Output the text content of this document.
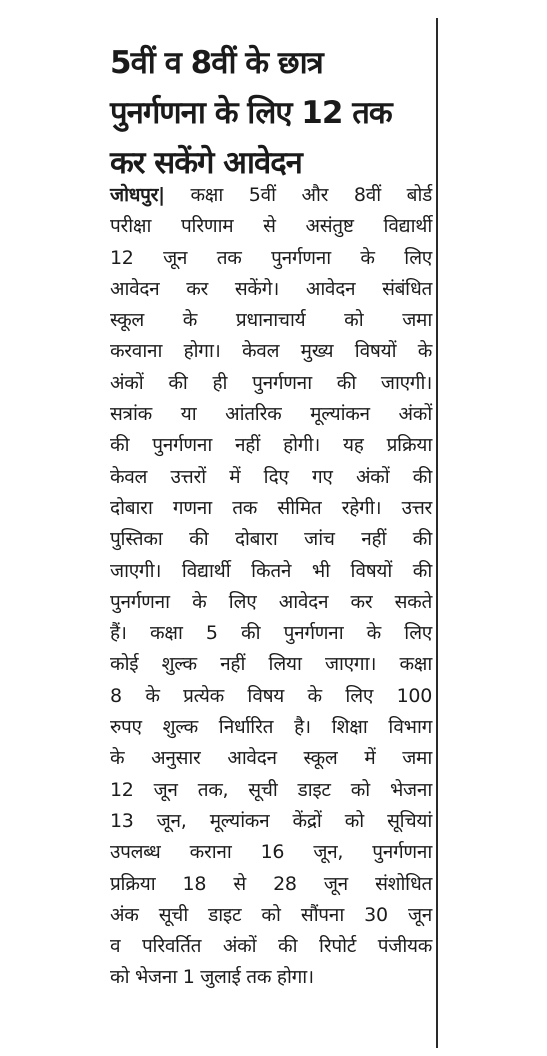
5वीं व 8वीं के छात्र
पुनर्गणना के लिए 12 तक
कर सकेंगे आवेदन
जोधपुर| कक्षा 5वीं और 8वीं बोर्ड
परीक्षा परिणाम से असंतुष्ट विद्यार्थी
12 जून तक पुनर्गणना के लिए
आवेदन कर सकेंगे। आवेदन संबंधित
स्कूल के प्रधानाचार्य को जमा
करवाना होगा। केवल मुख्य विषयों के
अंकों की ही पुनर्गणना की जाएगी।
सत्रांक या आंतरिक मूल्यांकन अंकों
की पुनर्गणना नहीं होगी। यह प्रक्रिया
केवल उत्तरों में दिए गए अंकों की
दोबारा गणना तक सीमित रहेगी। उत्तर
पुस्तिका की दोबारा जांच नहीं की
जाएगी। विद्यार्थी कितने भी विषयों की
पुनर्गणना के लिए आवेदन कर सकते
हैं। कक्षा 5 की पुनर्गणना के लिए
कोई शुल्क नहीं लिया जाएगा। कक्षा
8 के प्रत्येक विषय के लिए 100
रुपए शुल्क निर्धारित है। शिक्षा विभाग
के अनुसार आवेदन स्कूल में जमा
12 जून तक, सूची डाइट को भेजना
13 जून, मूल्यांकन केंद्रों को सूचियां
उपलब्ध कराना 16 जून, पुनर्गणना
प्रक्रिया 18 से 28 जून संशोधित
अंक सूची डाइट को सौंपना 30 जून
व परिवर्तित अंकों की रिपोर्ट पंजीयक
को भेजना 1 जुलाई तक होगा।
